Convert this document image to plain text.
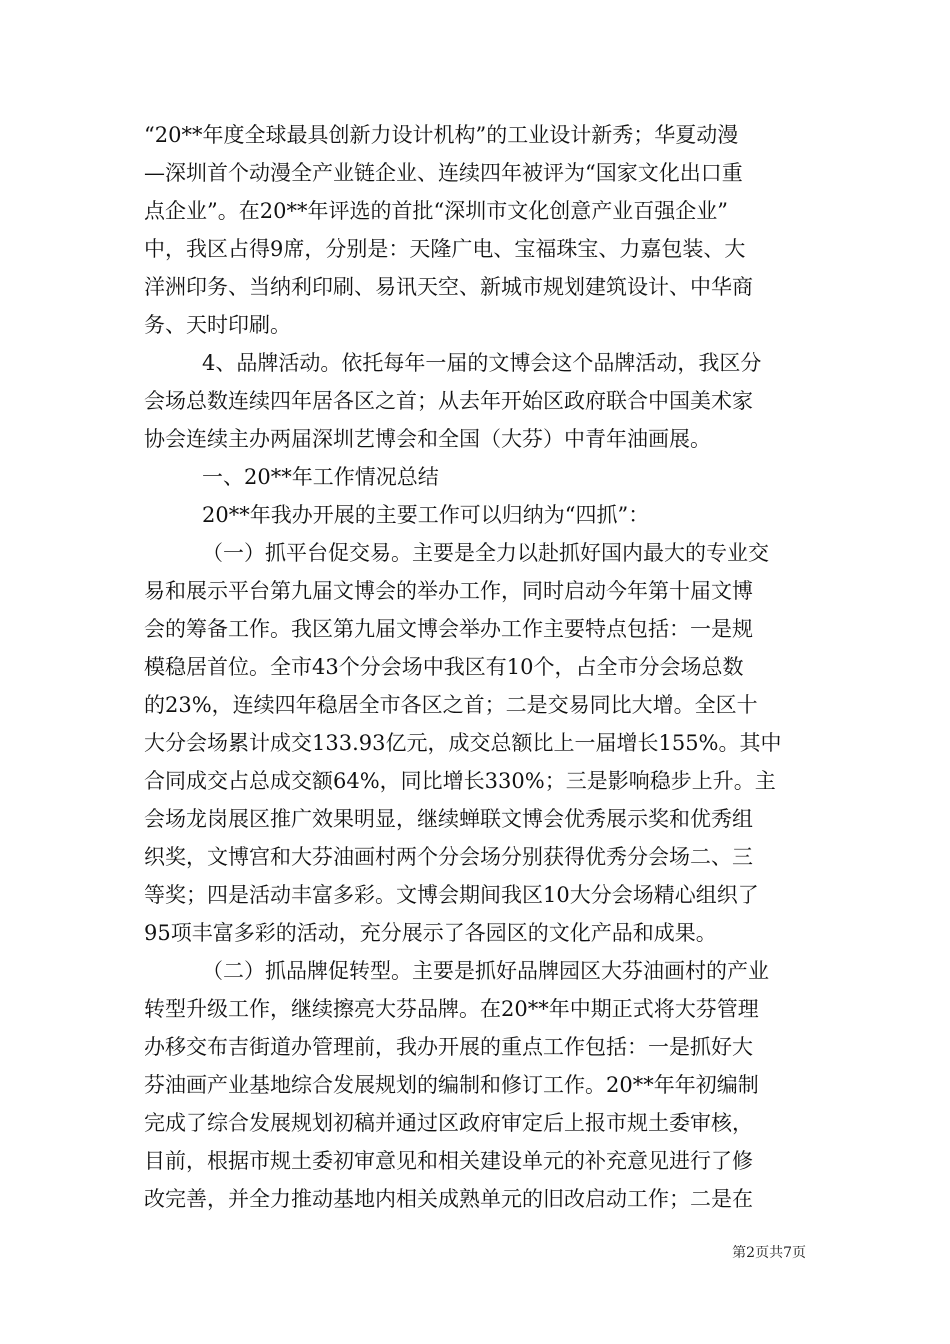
“20**年度全球最具创新力设计机构”的工业设计新秀；华夏动漫
—深圳首个动漫全产业链企业、连续四年被评为“国家文化出口重
点企业”。在20**年评选的首批“深圳市文化创意产业百强企业”
中，我区占得9席，分别是：天隆广电、宝福珠宝、力嘉包装、大
洋洲印务、当纳利印刷、易讯天空、新城市规划建筑设计、中华商
务、天时印刷。
4、品牌活动。依托每年一届的文博会这个品牌活动，我区分
会场总数连续四年居各区之首；从去年开始区政府联合中国美术家
协会连续主办两届深圳艺博会和全国（大芬）中青年油画展。
一、20**年工作情况总结
20**年我办开展的主要工作可以归纳为“四抓”：
（一）抓平台促交易。主要是全力以赴抓好国内最大的专业交
易和展示平台第九届文博会的举办工作，同时启动今年第十届文博
会的筹备工作。我区第九届文博会举办工作主要特点包括：一是规
模稳居首位。全市43个分会场中我区有10个，占全市分会场总数
的23%，连续四年稳居全市各区之首；二是交易同比大增。全区十
大分会场累计成交133.93亿元，成交总额比上一届增长155%。其中
合同成交占总成交额64%，同比增长330%；三是影响稳步上升。主
会场龙岗展区推广效果明显，继续蝉联文博会优秀展示奖和优秀组
织奖，文博宫和大芬油画村两个分会场分别获得优秀分会场二、三
等奖；四是活动丰富多彩。文博会期间我区10大分会场精心组织了
95项丰富多彩的活动，充分展示了各园区的文化产品和成果。
（二）抓品牌促转型。主要是抓好品牌园区大芬油画村的产业
转型升级工作，继续擦亮大芬品牌。在20**年中期正式将大芬管理
办移交布吉街道办管理前，我办开展的重点工作包括：一是抓好大
芬油画产业基地综合发展规划的编制和修订工作。20**年年初编制
完成了综合发展规划初稿并通过区政府审定后上报市规土委审核，
目前，根据市规土委初审意见和相关建设单元的补充意见进行了修
改完善，并全力推动基地内相关成熟单元的旧改启动工作；二是在
第2页共7页
